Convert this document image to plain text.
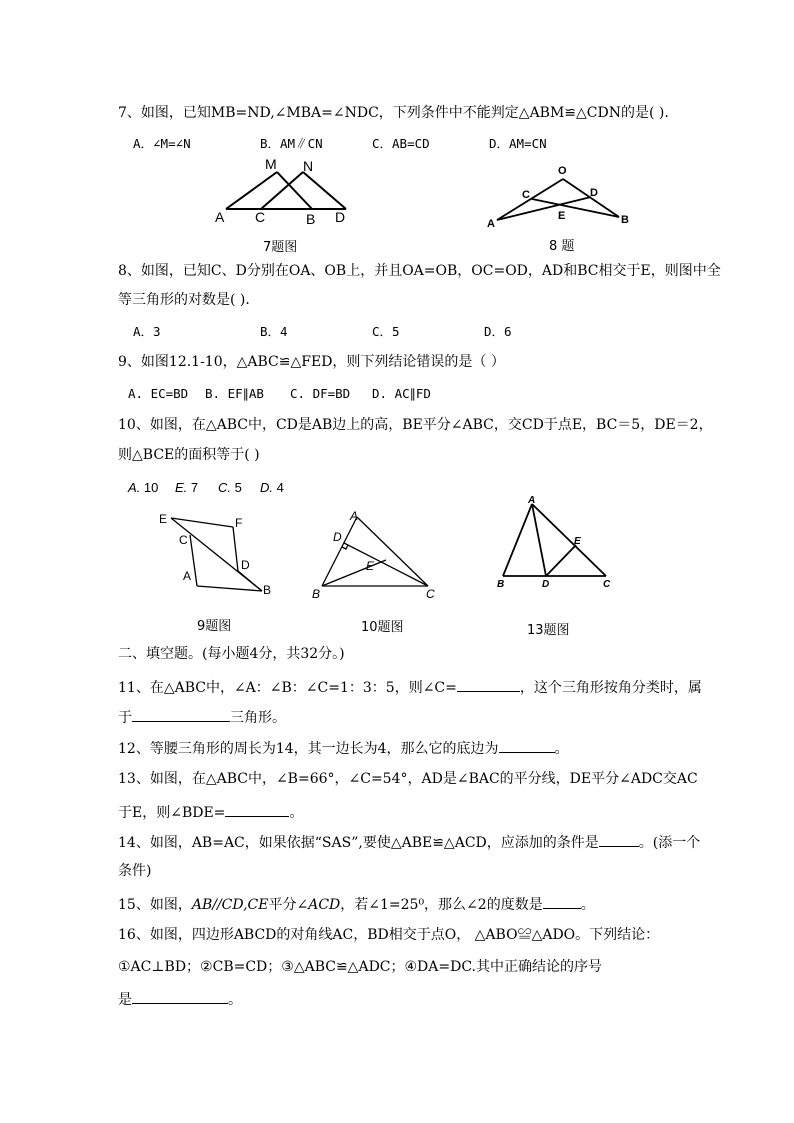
7、如图，已知MB=ND,∠MBA=∠NDC，下列条件中不能判定△ABM≌△CDN的是( ).
A．∠M=∠N	B．AM∥CN	C．AB=CD	D．AM=CN
M N
A C	B D
7题图
O
C	D
E
A	B
8 题
8、如图，已知C、D分别在OA、OB上，并且OA=OB，OC=OD，AD和BC相交于E，则图中全
等三角形的对数是( ).
A．3	B．4	C．5	D．6
9、如图12.1-10，△ABC≌△FED，则下列结论错误的是（ ）
A. EC=BD B. EF∥AB C. DF=BD D. AC∥FD
10、如图，在△ABC中，CD是AB边上的高，BE平分∠ABC，交CD于点E，BC＝5，DE＝2，
则△BCE的面积等于( )
A. 10 E. 7 C. 5 D. 4
E	F
C
D
A
B
9题图
A
D
E
B	C
10题图
A
E
B	D	C
13题图
二、填空题。(每小题4分，共32分。)
11、在△ABC中，∠A：∠B：∠C=1：3：5，则∠C=	，这个三角形按角分类时，属
于	三角形。
12、等腰三角形的周长为14，其一边长为4，那么它的底边为	。
13、如图，在△ABC中，∠B=66°，∠C=54°，AD是∠BAC的平分线，DE平分∠ADC交AC
于E，则∠BDE=	。
14、如图，AB=AC，如果依据“SAS”,要使△ABE≌△ACD，应添加的条件是	。(添一个
条件)
15、如图，AB//CD,CE平分∠ACD，若∠1=25⁰，那么∠2的度数是	。
16、如图，四边形ABCD的对角线AC，BD相交于点O， △ABO≌△ADO。下列结论：
①AC⊥BD；②CB=CD；③△ABC≌△ADC；④DA=DC.其中正确结论的序号
是	。
